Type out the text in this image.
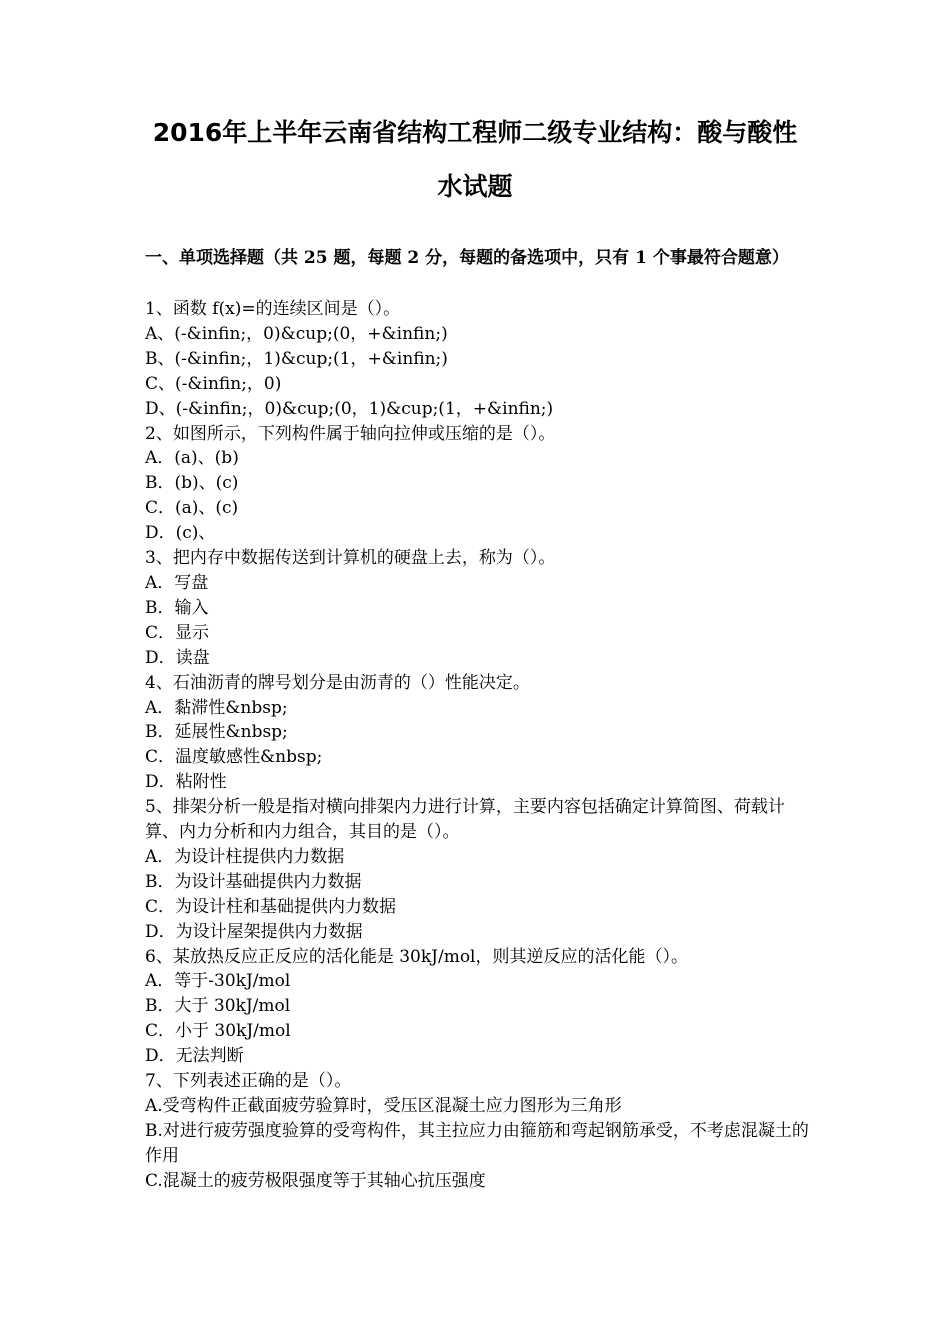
2016年上半年云南省结构工程师二级专业结构：酸与酸性
水试题

一、单项选择题（共 25 题，每题 2 分，每题的备选项中，只有 1 个事最符合题意）

1、函数 f(x)=的连续区间是（）。
A、(-&infin;，0)&cup;(0，+&infin;)
B、(-&infin;，1)&cup;(1，+&infin;)
C、(-&infin;，0)
D、(-&infin;，0)&cup;(0，1)&cup;(1，+&infin;)
2、如图所示，下列构件属于轴向拉伸或压缩的是（）。
A．(a)、(b)
B．(b)、(c)
C．(a)、(c)
D．(c)、
3、把内存中数据传送到计算机的硬盘上去，称为（）。
A．写盘
B．输入
C．显示
D．读盘
4、石油沥青的牌号划分是由沥青的（）性能决定。
A．黏滞性&nbsp;
B．延展性&nbsp;
C．温度敏感性&nbsp;
D．粘附性
5、排架分析一般是指对横向排架内力进行计算，主要内容包括确定计算简图、荷载计算、内力分析和内力组合，其目的是（）。
A．为设计柱提供内力数据
B．为设计基础提供内力数据
C．为设计柱和基础提供内力数据
D．为设计屋架提供内力数据
6、某放热反应正反应的活化能是 30kJ/mol，则其逆反应的活化能（）。
A．等于-30kJ/mol
B．大于 30kJ/mol
C．小于 30kJ/mol
D．无法判断
7、下列表述正确的是（）。
A.受弯构件正截面疲劳验算时，受压区混凝土应力图形为三角形
B.对进行疲劳强度验算的受弯构件，其主拉应力由箍筋和弯起钢筋承受，不考虑混凝土的作用
C.混凝土的疲劳极限强度等于其轴心抗压强度
